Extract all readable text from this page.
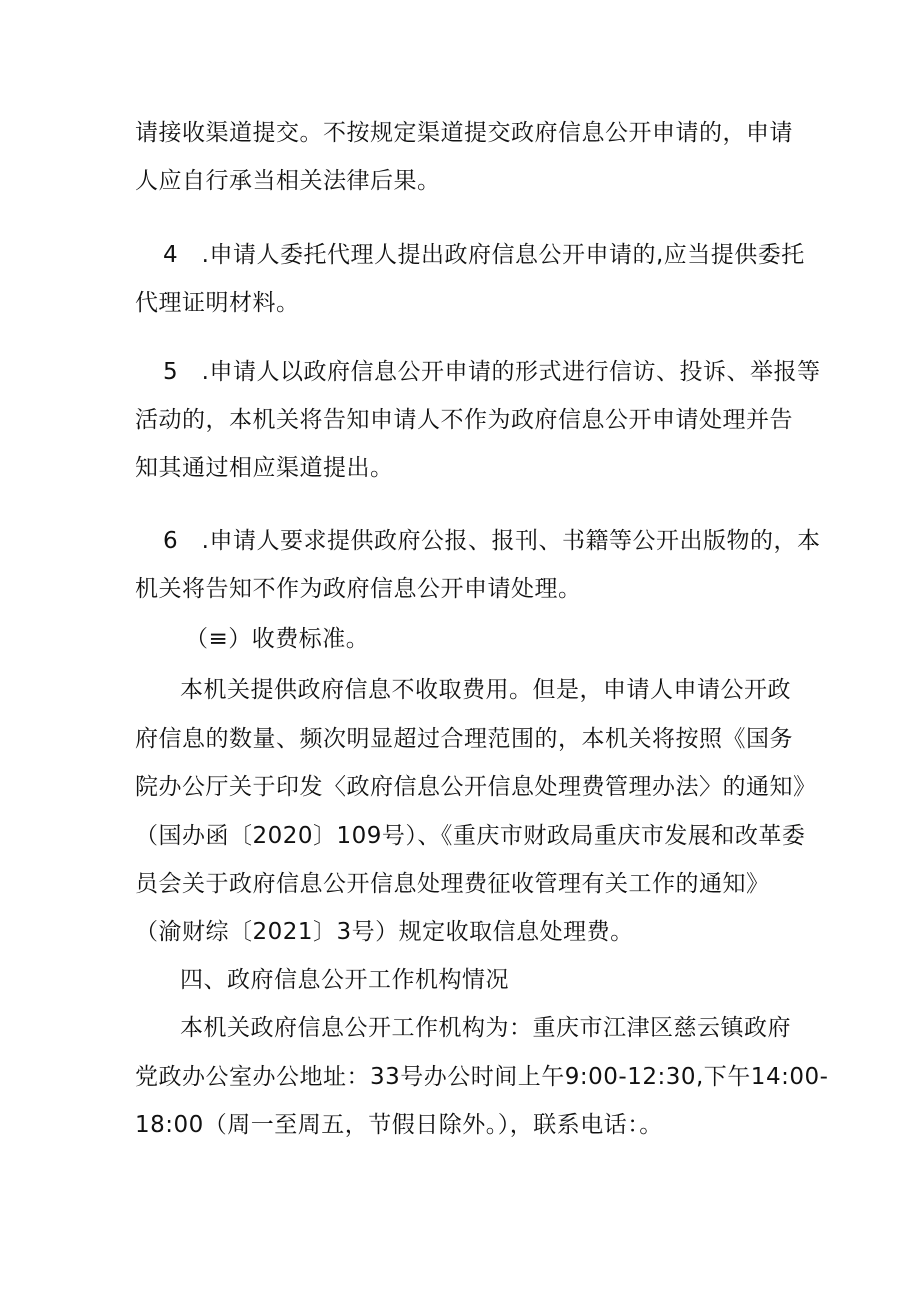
请接收渠道提交。不按规定渠道提交政府信息公开申请的，申请
人应自行承当相关法律后果。
4　.申请人委托代理人提出政府信息公开申请的,应当提供委托
代理证明材料。
5　.申请人以政府信息公开申请的形式进行信访、投诉、举报等
活动的，本机关将告知申请人不作为政府信息公开申请处理并告
知其通过相应渠道提出。
6　.申请人要求提供政府公报、报刊、书籍等公开出版物的，本
机关将告知不作为政府信息公开申请处理。
（≡）收费标准。
本机关提供政府信息不收取费用。但是，申请人申请公开政
府信息的数量、频次明显超过合理范围的，本机关将按照《国务
院办公厅关于印发〈政府信息公开信息处理费管理办法〉的通知》
（国办函〔2020〕109号）、《重庆市财政局重庆市发展和改革委
员会关于政府信息公开信息处理费征收管理有关工作的通知》
（渝财综〔2021〕3号）规定收取信息处理费。
四、政府信息公开工作机构情况
本机关政府信息公开工作机构为：重庆市江津区慈云镇政府
党政办公室办公地址：33号办公时间上午9:00-12:30,下午14:00-
18:00（周一至周五，节假日除外。），联系电话：。
